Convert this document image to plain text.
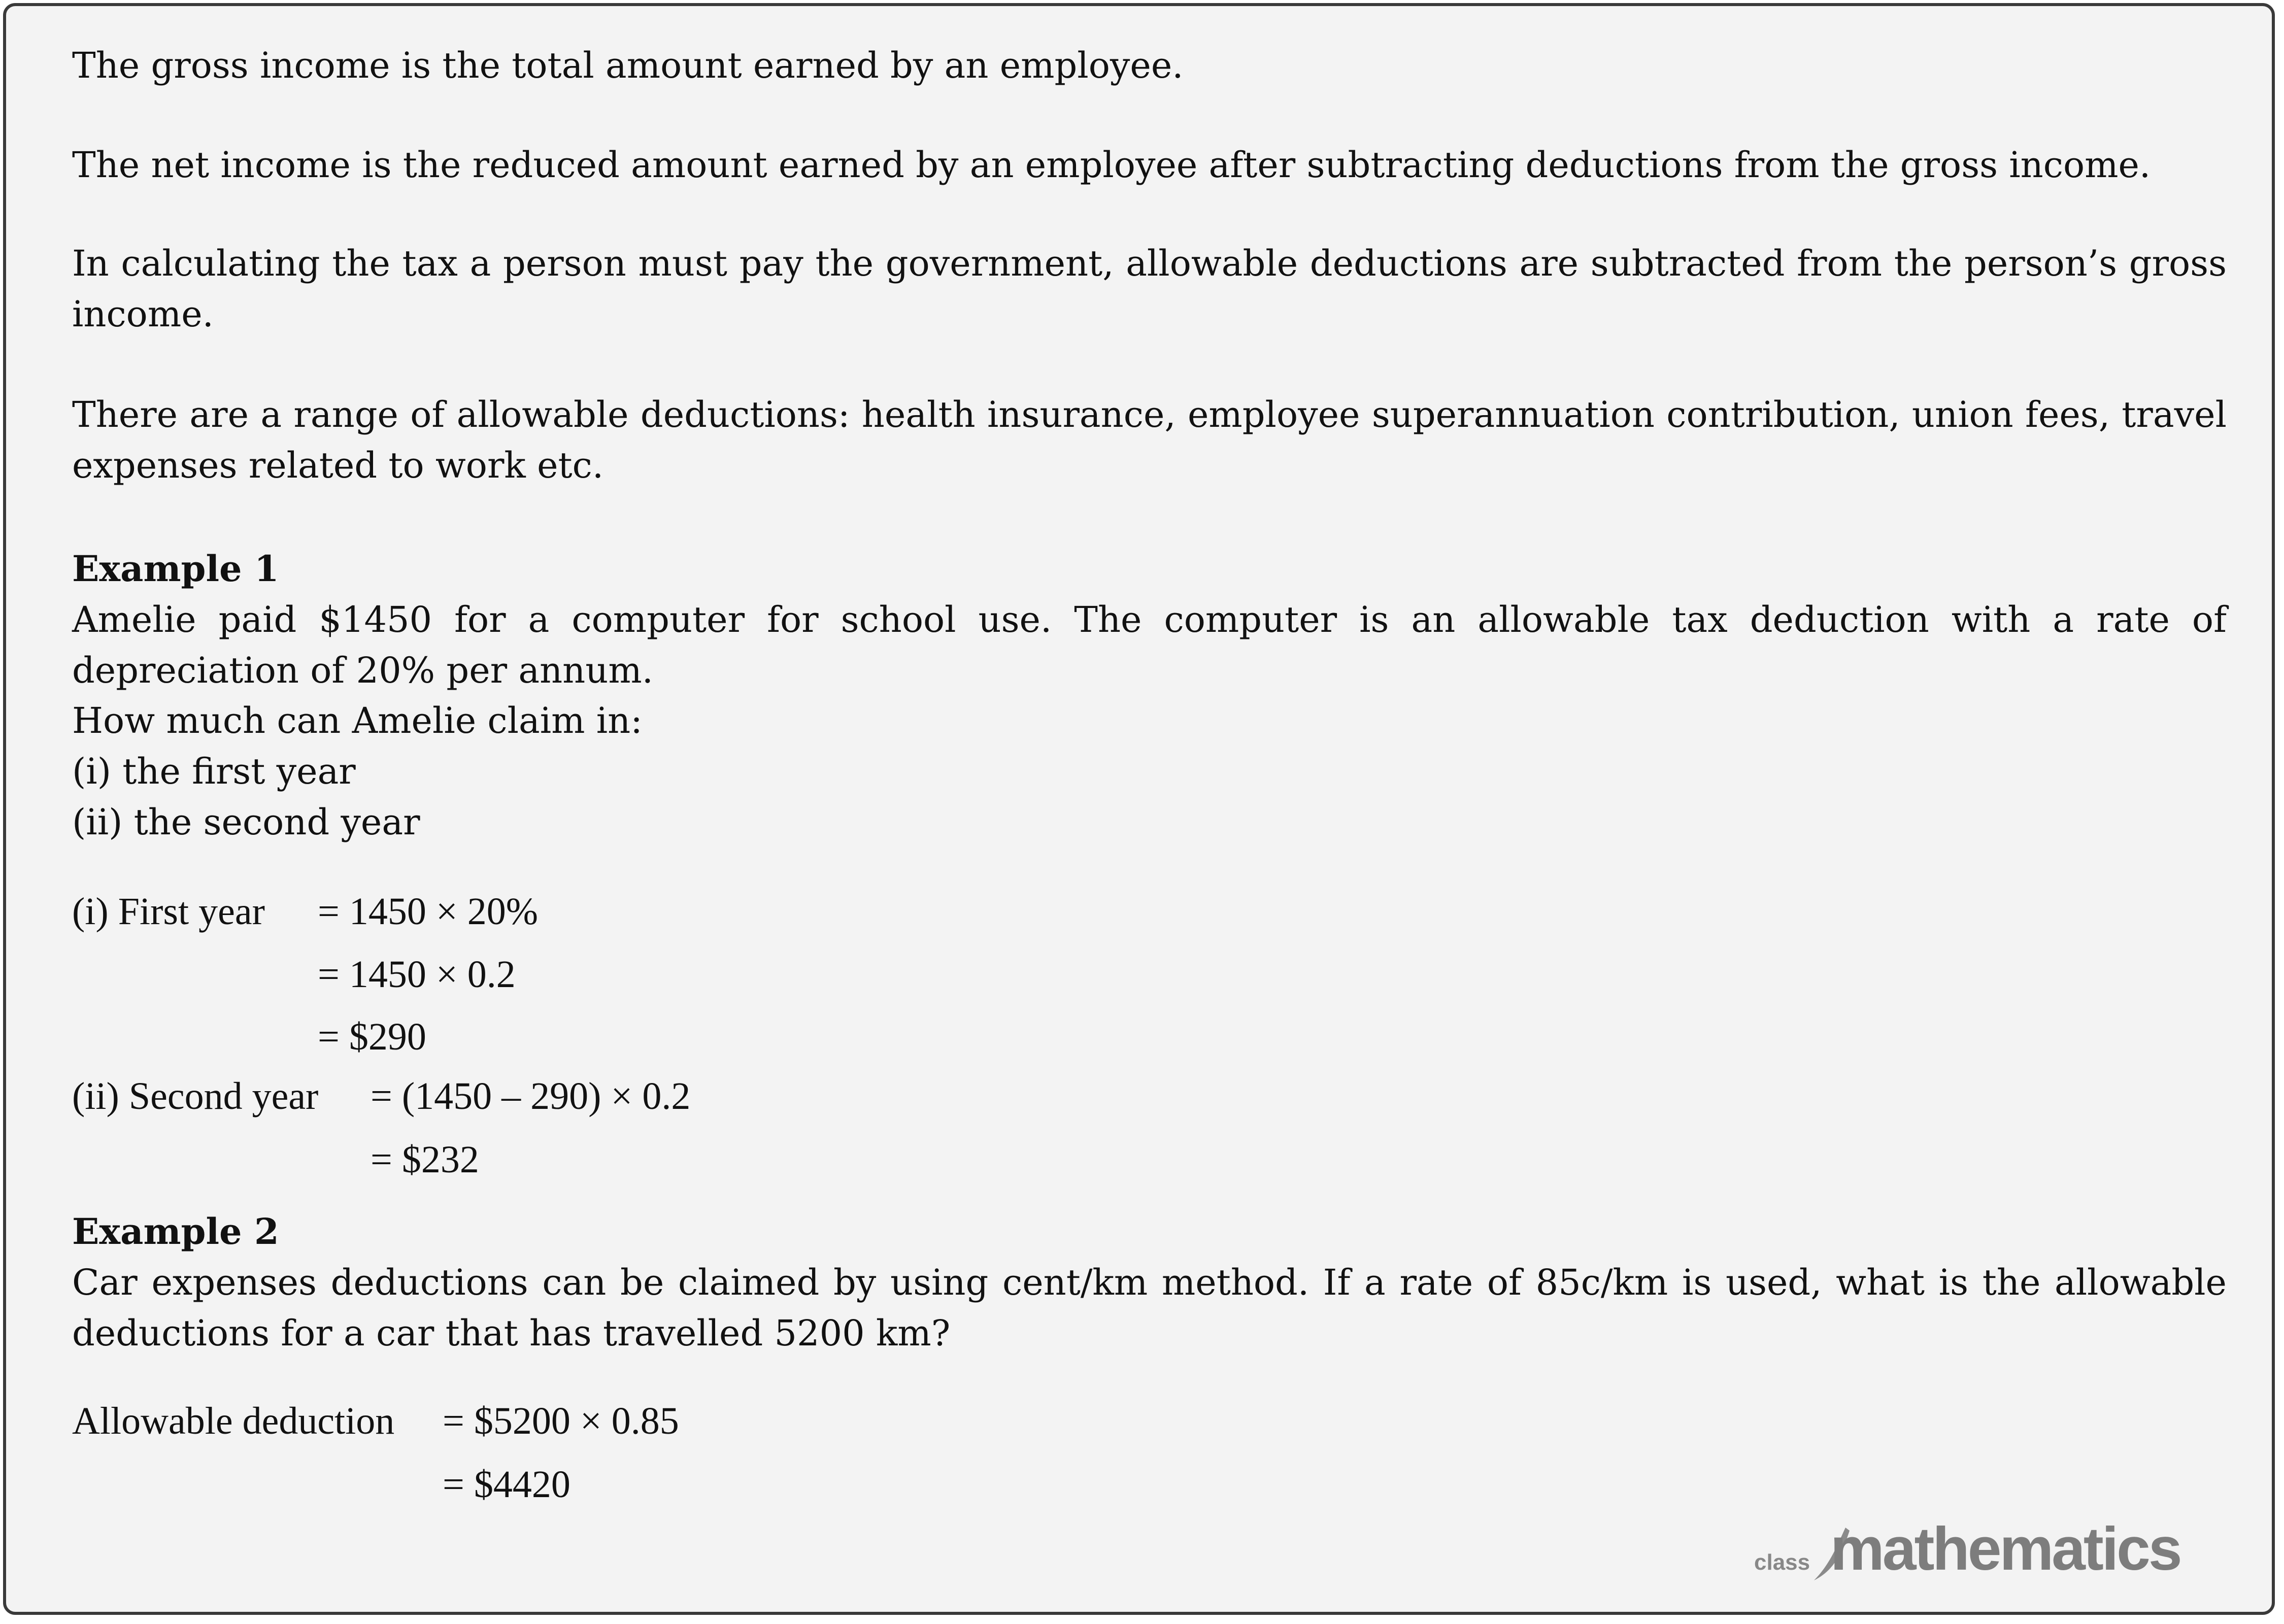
The gross income is the total amount earned by an employee.
The net income is the reduced amount earned by an employee after subtracting deductions from the gross income.
In calculating the tax a person must pay the government, allowable deductions are subtracted from the person’s gross income.
There are a range of allowable deductions: health insurance, employee superannuation contribution, union fees, travel expenses related to work etc.
Example 1
Amelie paid $1450 for a computer for school use. The computer is an allowable tax deduction with a rate of depreciation of 20% per annum.
How much can Amelie claim in:
(i) the first year
(ii) the second year
(i) First year = 1450 × 20%
= 1450 × 0.2
= $290
(ii) Second year = (1450 – 290) × 0.2
= $232
Example 2
Car expenses deductions can be claimed by using cent/km method. If a rate of 85c/km is used, what is the allowable deductions for a car that has travelled 5200 km?
Allowable deduction = $5200 × 0.85
= $4420
class mathematics
